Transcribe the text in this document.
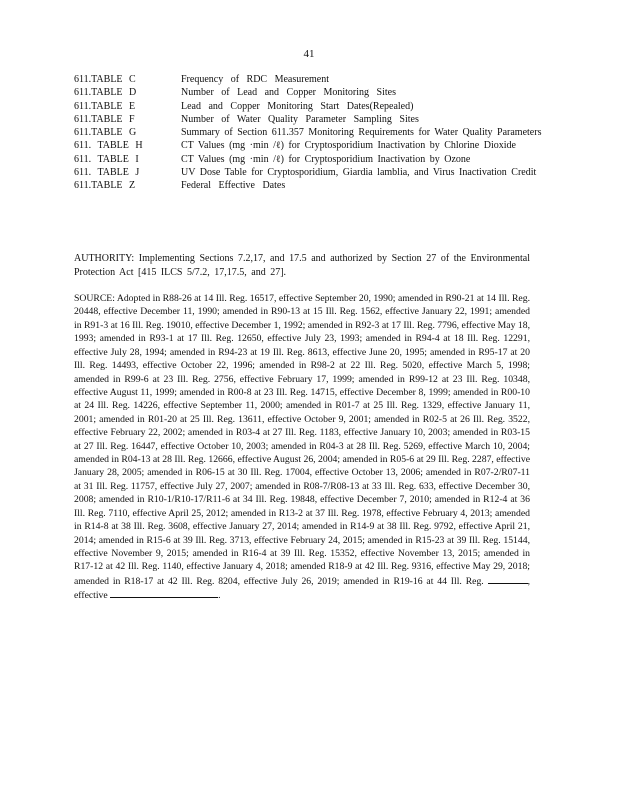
41
611.TABLE C	Frequency of RDC Measurement
611.TABLE D	Number of Lead and Copper Monitoring Sites
611.TABLE E	Lead and Copper Monitoring Start Dates(Repealed)
611.TABLE F	Number of Water Quality Parameter Sampling Sites
611.TABLE G	Summary of Section 611.357 Monitoring Requirements for Water Quality Parameters
611. TABLE H	CT Values (mg ·min /ℓ) for Cryptosporidium Inactivation by Chlorine Dioxide
611. TABLE I	CT Values (mg ·min /ℓ) for Cryptosporidium Inactivation by Ozone
611. TABLE J	UV Dose Table for Cryptosporidium, Giardia lamblia, and Virus Inactivation Credit
611.TABLE Z	Federal Effective Dates

AUTHORITY: Implementing Sections 7.2,17, and 17.5 and authorized by Section 27 of the Environmental Protection Act [415 ILCS 5/7.2, 17,17.5, and 27].

SOURCE: Adopted in R88-26 at 14 Ill. Reg. 16517, effective September 20, 1990; amended in R90-21 at 14 Ill. Reg. 20448, effective December 11, 1990; amended in R90-13 at 15 Ill. Reg. 1562, effective January 22, 1991; amended in R91-3 at 16 Ill. Reg. 19010, effective December 1, 1992; amended in R92-3 at 17 Ill. Reg. 7796, effective May 18, 1993; amended in R93-1 at 17 Ill. Reg. 12650, effective July 23, 1993; amended in R94-4 at 18 Ill. Reg. 12291, effective July 28, 1994; amended in R94-23 at 19 Ill. Reg. 8613, effective June 20, 1995; amended in R95-17 at 20 Ill. Reg. 14493, effective October 22, 1996; amended in R98-2 at 22 Ill. Reg. 5020, effective March 5, 1998; amended in R99-6 at 23 Ill. Reg. 2756, effective February 17, 1999; amended in R99-12 at 23 Ill. Reg. 10348, effective August 11, 1999; amended in R00-8 at 23 Ill. Reg. 14715, effective December 8, 1999; amended in R00-10 at 24 Ill. Reg. 14226, effective September 11, 2000; amended in R01-7 at 25 Ill. Reg. 1329, effective January 11, 2001; amended in R01-20 at 25 Ill. Reg. 13611, effective October 9, 2001; amended in R02-5 at 26 Ill. Reg. 3522, effective February 22, 2002; amended in R03-4 at 27 Ill. Reg. 1183, effective January 10, 2003; amended in R03-15 at 27 Ill. Reg. 16447, effective October 10, 2003; amended in R04-3 at 28 Ill. Reg. 5269, effective March 10, 2004; amended in R04-13 at 28 Ill. Reg. 12666, effective August 26, 2004; amended in R05-6 at 29 Ill. Reg. 2287, effective January 28, 2005; amended in R06-15 at 30 Ill. Reg. 17004, effective October 13, 2006; amended in R07-2/R07-11 at 31 Ill. Reg. 11757, effective July 27, 2007; amended in R08-7/R08-13 at 33 Ill. Reg. 633, effective December 30, 2008; amended in R10-1/R10-17/R11-6 at 34 Ill. Reg. 19848, effective December 7, 2010; amended in R12-4 at 36 Ill. Reg. 7110, effective April 25, 2012; amended in R13-2 at 37 Ill. Reg. 1978, effective February 4, 2013; amended in R14-8 at 38 Ill. Reg. 3608, effective January 27, 2014; amended in R14-9 at 38 Ill. Reg. 9792, effective April 21, 2014; amended in R15-6 at 39 Ill. Reg. 3713, effective February 24, 2015; amended in R15-23 at 39 Ill. Reg. 15144, effective November 9, 2015; amended in R16-4 at 39 Ill. Reg. 15352, effective November 13, 2015; amended in R17-12 at 42 Ill. Reg. 1140, effective January 4, 2018; amended R18-9 at 42 Ill. Reg. 9316, effective May 29, 2018; amended in R18-17 at 42 Ill. Reg. 8204, effective July 26, 2019; amended in R19-16 at 44 Ill. Reg.	, effective	.
